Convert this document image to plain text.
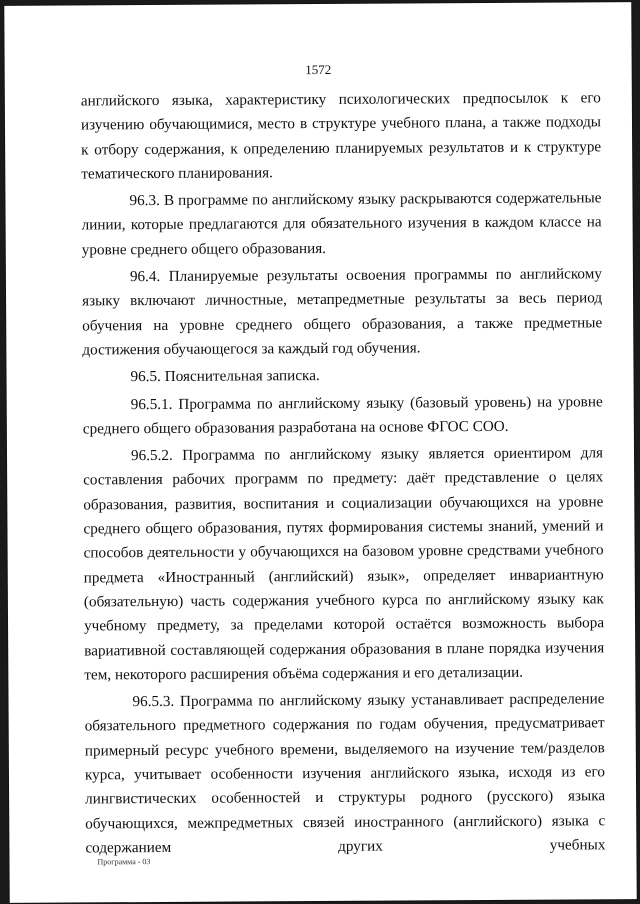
1572

английского языка, характеристику психологических предпосылок к его изучению обучающимися, место в структуре учебного плана, а также подходы к отбору содержания, к определению планируемых результатов и к структуре тематического планирования.

96.3. В программе по английскому языку раскрываются содержательные линии, которые предлагаются для обязательного изучения в каждом классе на уровне среднего общего образования.

96.4. Планируемые результаты освоения программы по английскому языку включают личностные, метапредметные результаты за весь период обучения на уровне среднего общего образования, а также предметные достижения обучающегося за каждый год обучения.

96.5. Пояснительная записка.

96.5.1. Программа по английскому языку (базовый уровень) на уровне среднего общего образования разработана на основе ФГОС СОО.

96.5.2. Программа по английскому языку является ориентиром для составления рабочих программ по предмету: даёт представление о целях образования, развития, воспитания и социализации обучающихся на уровне среднего общего образования, путях формирования системы знаний, умений и способов деятельности у обучающихся на базовом уровне средствами учебного предмета «Иностранный (английский) язык», определяет инвариантную (обязательную) часть содержания учебного курса по английскому языку как учебному предмету, за пределами которой остаётся возможность выбора вариативной составляющей содержания образования в плане порядка изучения тем, некоторого расширения объёма содержания и его детализации.

96.5.3. Программа по английскому языку устанавливает распределение обязательного предметного содержания по годам обучения, предусматривает примерный ресурс учебного времени, выделяемого на изучение тем/разделов курса, учитывает особенности изучения английского языка, исходя из его лингвистических особенностей и структуры родного (русского) языка обучающихся, межпредметных связей иностранного (английского) языка с содержанием других учебных

Программа - 03
